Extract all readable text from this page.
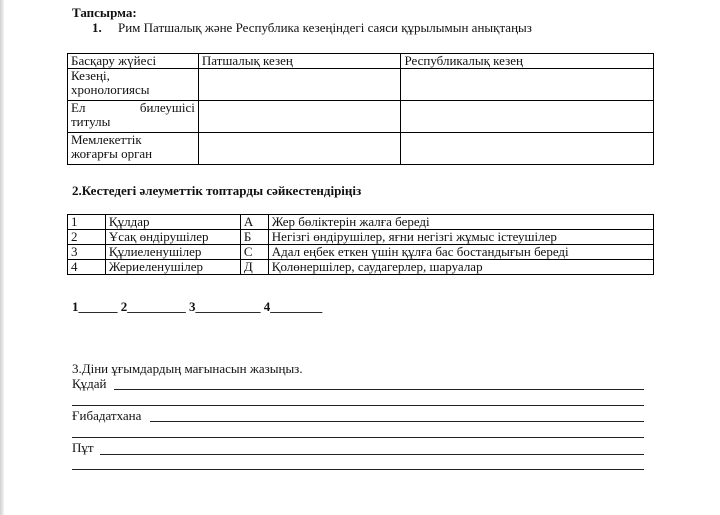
Тапсырма:
1. Рим Патшалық және Республика кезеңіндегі саяси құрылымын анықтаңыз
Басқару жүйесі	Патшалық кезең	Республикалық кезең

Кезеңі,
хронологиясы		

Ел билеушісі
титулы		

Мемлекеттік
жоғарғы орган		

2.Кестедегі әлеуметтік топтарды сәйкестендіріңіз
1	Құлдар	А	Жер бөліктерін жалға береді
2	Ұсақ өндірушілер	Б	Негізгі өндірушілер, яғни негізгі жұмыс істеушілер
3	Құлиеленушілер	С	Адал еңбек еткен үшін құлға бас бостандығын береді
4	Жериеленушілер	Д	Қолөнершілер, саудагерлер, шаруалар
1______ 2_________ 3__________ 4________
3.Діни ұғымдардың мағынасын жазыңыз.
Құдай
Ғибадатхана
Пұт
